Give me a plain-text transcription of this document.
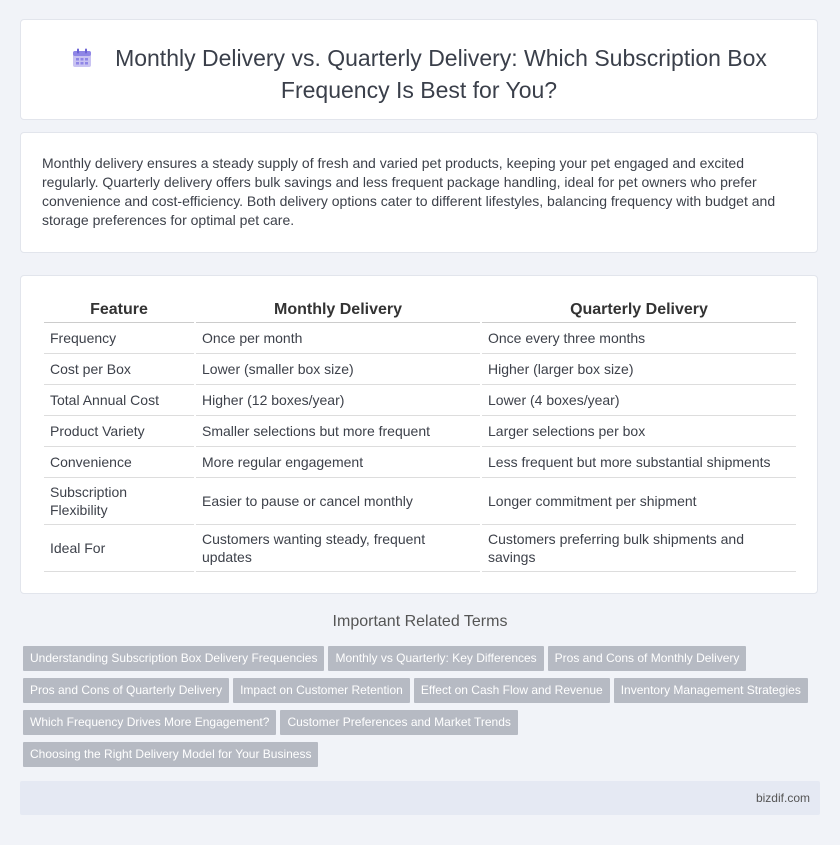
Monthly Delivery vs. Quarterly Delivery: Which Subscription Box Frequency Is Best for You?

Monthly delivery ensures a steady supply of fresh and varied pet products, keeping your pet engaged and excited regularly. Quarterly delivery offers bulk savings and less frequent package handling, ideal for pet owners who prefer convenience and cost-efficiency. Both delivery options cater to different lifestyles, balancing frequency with budget and storage preferences for optimal pet care.

Feature	Monthly Delivery	Quarterly Delivery
Frequency	Once per month	Once every three months
Cost per Box	Lower (smaller box size)	Higher (larger box size)
Total Annual Cost	Higher (12 boxes/year)	Lower (4 boxes/year)
Product Variety	Smaller selections but more frequent	Larger selections per box
Convenience	More regular engagement	Less frequent but more substantial shipments
Subscription Flexibility	Easier to pause or cancel monthly	Longer commitment per shipment
Ideal For	Customers wanting steady, frequent updates	Customers preferring bulk shipments and savings
Important Related Terms
Understanding Subscription Box Delivery Frequencies Monthly vs Quarterly: Key Differences Pros and Cons of Monthly Delivery
Pros and Cons of Quarterly Delivery Impact on Customer Retention Effect on Cash Flow and Revenue Inventory Management Strategies
Which Frequency Drives More Engagement? Customer Preferences and Market Trends
Choosing the Right Delivery Model for Your Business
bizdif.com
